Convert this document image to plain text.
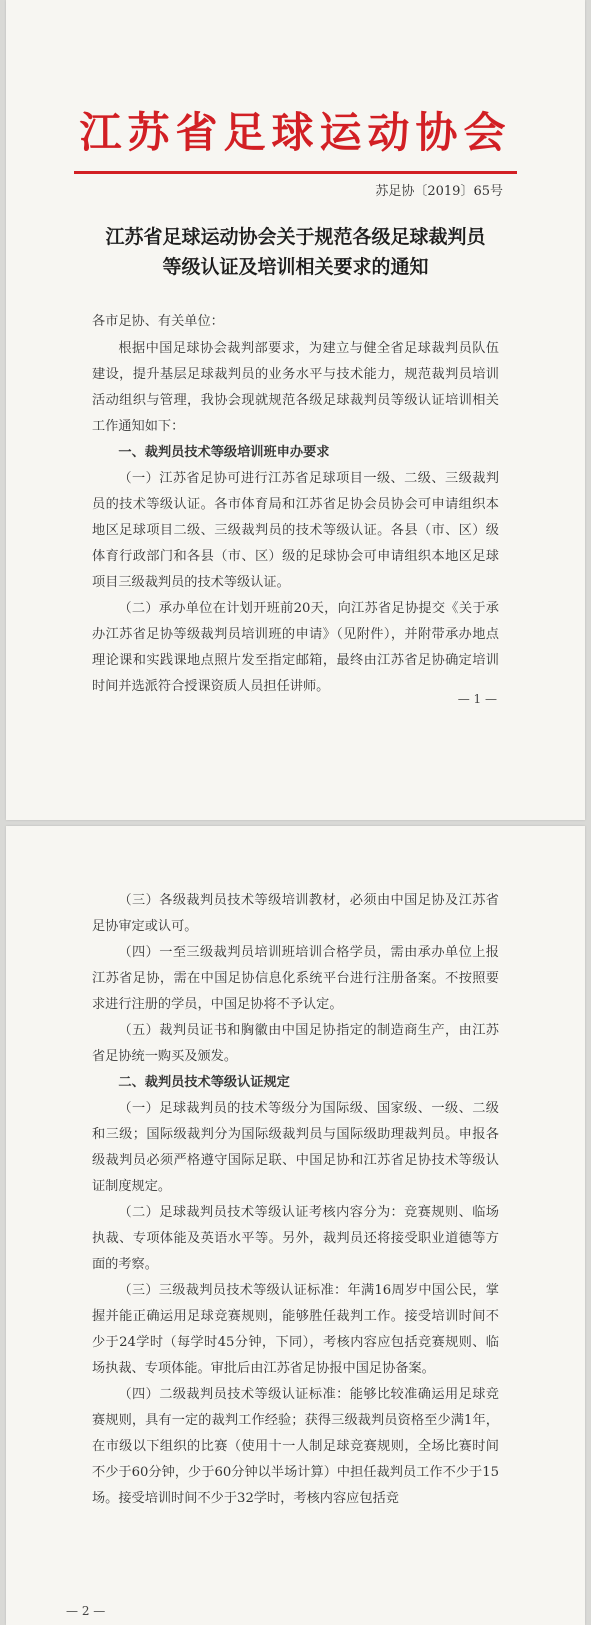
江苏省足球运动协会
苏足协〔2019〕65号
江苏省足球运动协会关于规范各级足球裁判员
等级认证及培训相关要求的通知
各市足协、有关单位：

根据中国足球协会裁判部要求，为建立与健全省足球裁判员队伍建设，提升基层足球裁判员的业务水平与技术能力，规范裁判员培训活动组织与管理，我协会现就规范各级足球裁判员等级认证培训相关工作通知如下：

一、裁判员技术等级培训班申办要求

（一）江苏省足协可进行江苏省足球项目一级、二级、三级裁判员的技术等级认证。各市体育局和江苏省足协会员协会可申请组织本地区足球项目二级、三级裁判员的技术等级认证。各县（市、区）级体育行政部门和各县（市、区）级的足球协会可申请组织本地区足球项目三级裁判员的技术等级认证。

（二）承办单位在计划开班前20天，向江苏省足协提交《关于承办江苏省足协等级裁判员培训班的申请》（见附件），并附带承办地点理论课和实践课地点照片发至指定邮箱，最终由江苏省足协确定培训时间并选派符合授课资质人员担任讲师。

— 1 —

（三）各级裁判员技术等级培训教材，必须由中国足协及江苏省足协审定或认可。

（四）一至三级裁判员培训班培训合格学员，需由承办单位上报江苏省足协，需在中国足协信息化系统平台进行注册备案。不按照要求进行注册的学员，中国足协将不予认定。

（五）裁判员证书和胸徽由中国足协指定的制造商生产，由江苏省足协统一购买及颁发。

二、裁判员技术等级认证规定

（一）足球裁判员的技术等级分为国际级、国家级、一级、二级和三级；国际级裁判分为国际级裁判员与国际级助理裁判员。申报各级裁判员必须严格遵守国际足联、中国足协和江苏省足协技术等级认证制度规定。

（二）足球裁判员技术等级认证考核内容分为：竞赛规则、临场执裁、专项体能及英语水平等。另外，裁判员还将接受职业道德等方面的考察。

（三）三级裁判员技术等级认证标准：年满16周岁中国公民，掌握并能正确运用足球竞赛规则，能够胜任裁判工作。接受培训时间不少于24学时（每学时45分钟，下同），考核内容应包括竞赛规则、临场执裁、专项体能。审批后由江苏省足协报中国足协备案。

（四）二级裁判员技术等级认证标准：能够比较准确运用足球竞赛规则，具有一定的裁判工作经验；获得三级裁判员资格至少满1年，在市级以下组织的比赛（使用十一人制足球竞赛规则，全场比赛时间不少于60分钟，少于60分钟以半场计算）中担任裁判员工作不少于15场。接受培训时间不少于32学时，考核内容应包括竞

— 2 —
